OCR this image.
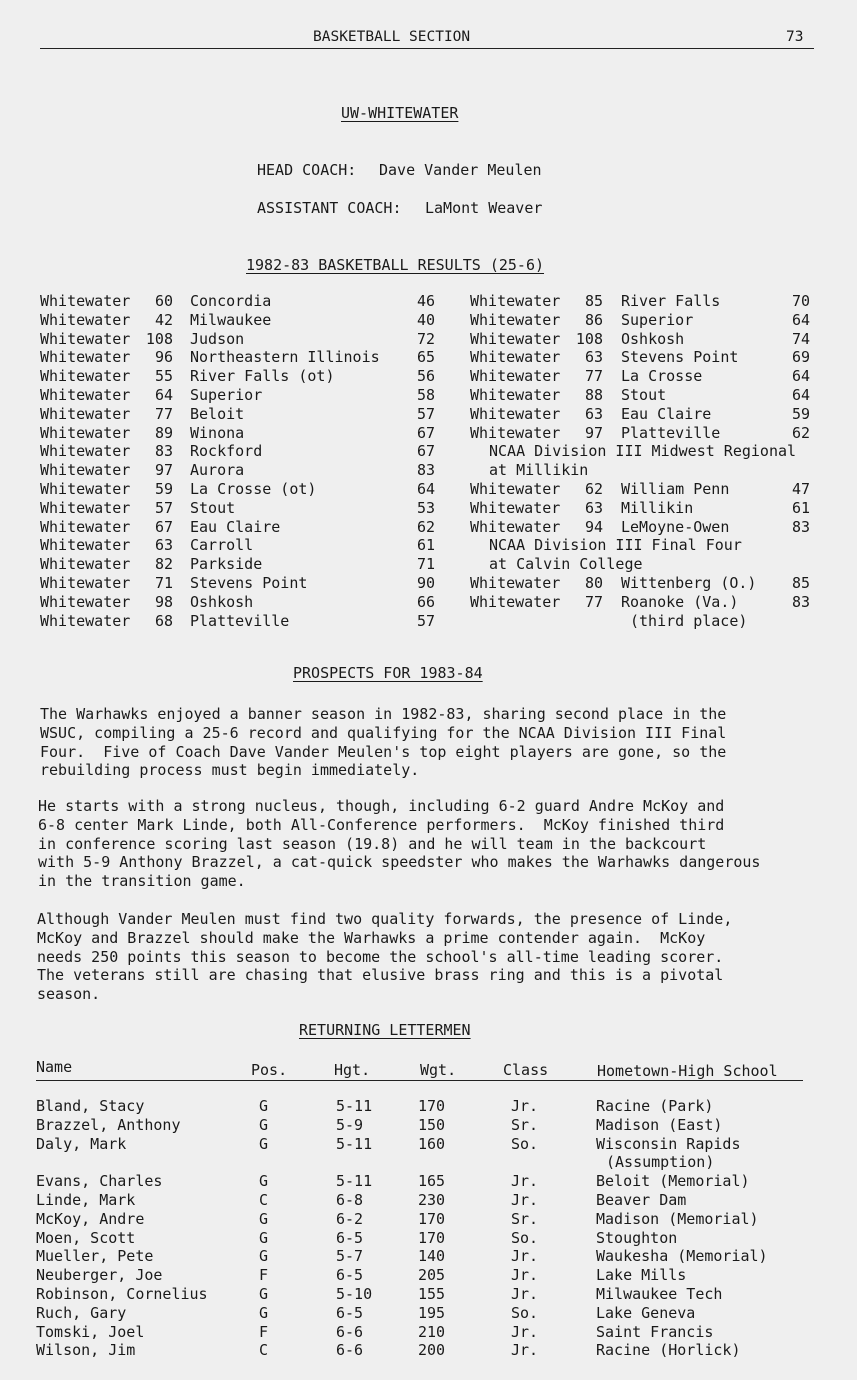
BASKETBALL SECTION	73
UW-WHITEWATER
HEAD COACH: Dave Vander Meulen
ASSISTANT COACH: LaMont Weaver
1982-83 BASKETBALL RESULTS (25-6)
Whitewater	60 Concordia	46
Whitewater	42 Milwaukee	40
Whitewater	108 Judson	72
Whitewater	96 Northeastern Illinois	65
Whitewater	55 River Falls (ot)	56
Whitewater	64 Superior	58
Whitewater	77 Beloit	57
Whitewater	89 Winona	67
Whitewater	83 Rockford	67
Whitewater	97 Aurora	83
Whitewater	59 La Crosse (ot)	64
Whitewater	57 Stout	53
Whitewater	67 Eau Claire	62
Whitewater	63 Carroll	61
Whitewater	82 Parkside	71
Whitewater	71 Stevens Point	90
Whitewater	98 Oshkosh	66
Whitewater	68 Platteville	57
Whitewater	85 River Falls	70
Whitewater	86 Superior	64
Whitewater	108 Oshkosh	74
Whitewater	63 Stevens Point	69
Whitewater	77 La Crosse	64
Whitewater	88 Stout	64
Whitewater	63 Eau Claire	59
Whitewater	97 Platteville	62
NCAA Division III Midwest Regional
at Millikin
Whitewater	62 William Penn	47
Whitewater	63 Millikin	61
Whitewater	94 LeMoyne-Owen	83
NCAA Division III Final Four
at Calvin College
Whitewater	80 Wittenberg (O.)	85
Whitewater	77 Roanoke (Va.)	83
(third place)
PROSPECTS FOR 1983-84
The Warhawks enjoyed a banner season in 1982-83, sharing second place in the
WSUC, compiling a 25-6 record and qualifying for the NCAA Division III Final
Four.  Five of Coach Dave Vander Meulen's top eight players are gone, so the
rebuilding process must begin immediately.
He starts with a strong nucleus, though, including 6-2 guard Andre McKoy and
6-8 center Mark Linde, both All-Conference performers.  McKoy finished third
in conference scoring last season (19.8) and he will team in the backcourt
with 5-9 Anthony Brazzel, a cat-quick speedster who makes the Warhawks dangerous
in the transition game.
Although Vander Meulen must find two quality forwards, the presence of Linde,
McKoy and Brazzel should make the Warhawks a prime contender again.  McKoy
needs 250 points this season to become the school's all-time leading scorer.
The veterans still are chasing that elusive brass ring and this is a pivotal
season.
RETURNING LETTERMEN
Name	Pos.	Hgt.	Wgt.	Class	Hometown-High School
Bland, Stacy	G	5-11	170	Jr.	Racine (Park)
Brazzel, Anthony	G	5-9	150	Sr.	Madison (East)
Daly, Mark	G	5-11	160	So.	Wisconsin Rapids
(Assumption)
Evans, Charles	G	5-11	165	Jr.	Beloit (Memorial)
Linde, Mark	C	6-8	230	Jr.	Beaver Dam
McKoy, Andre	G	6-2	170	Sr.	Madison (Memorial)
Moen, Scott	G	6-5	170	So.	Stoughton
Mueller, Pete	G	5-7	140	Jr.	Waukesha (Memorial)
Neuberger, Joe	F	6-5	205	Jr.	Lake Mills
Robinson, Cornelius	G	5-10	155	Jr.	Milwaukee Tech
Ruch, Gary	G	6-5	195	So.	Lake Geneva
Tomski, Joel	F	6-6	210	Jr.	Saint Francis
Wilson, Jim	C	6-6	200	Jr.	Racine (Horlick)
